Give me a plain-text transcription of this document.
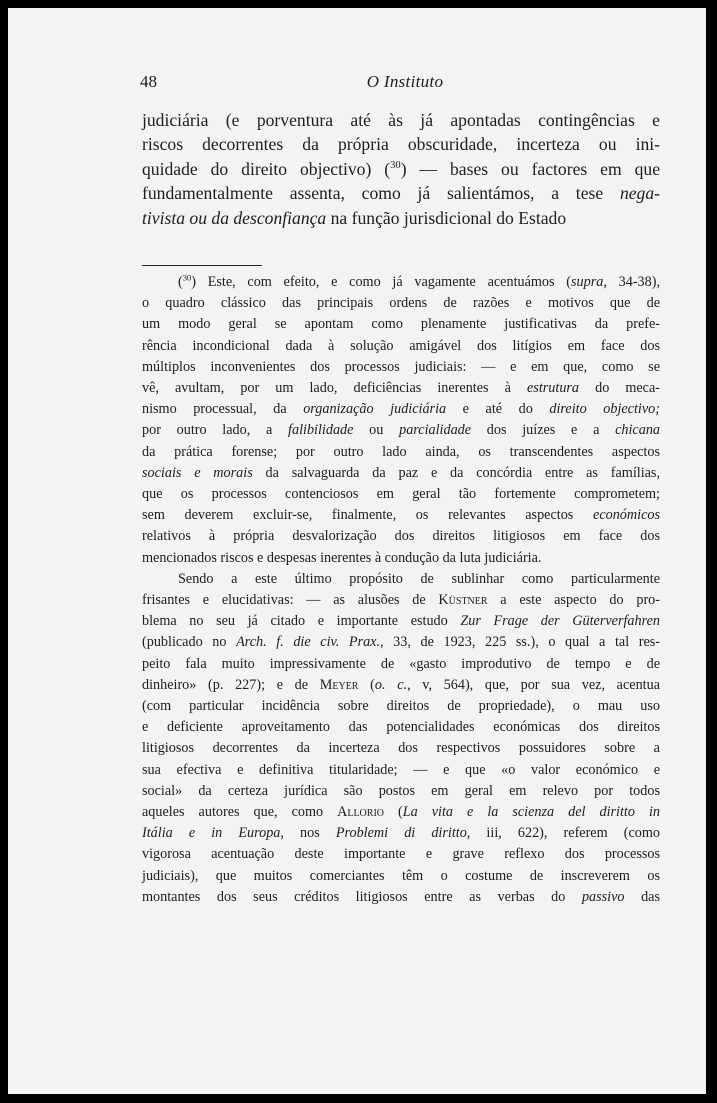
48	O Instituto

judiciária (e porventura até às já apontadas contingências e
riscos decorrentes da própria obscuridade, incerteza ou ini-
quidade do direito objectivo) ($^{30}$) — bases ou factores em que
fundamentalmente assenta, como já salientámos, a tese nega-
tivista ou da desconfiança na função jurisdicional do Estado

($^{30}$) Este, com efeito, e como já vagamente acentuámos (supra, 34-38),
o quadro clássico das principais ordens de razões e motivos que de
um modo geral se apontam como plenamente justificativas da prefe-
rência incondicional dada à solução amigável dos litígios em face dos
múltiplos inconvenientes dos processos judiciais: — e em que, como se
vê, avultam, por um lado, deficiências inerentes à estrutura do meca-
nismo processual, da organização judiciária e até do direito objectivo;
por outro lado, a falibilidade ou parcialidade dos juízes e a chicana
da prática forense; por outro lado ainda, os transcendentes aspectos
sociais e morais da salvaguarda da paz e da concórdia entre as famílias,
que os processos contenciosos em geral tão fortemente comprometem;
sem deverem excluir-se, finalmente, os relevantes aspectos económicos
relativos à própria desvalorização dos direitos litigiosos em face dos
mencionados riscos e despesas inerentes à condução da luta judiciária.
Sendo a este último propósito de sublinhar como particularmente
frisantes e elucidativas: — as alusões de Küstner a este aspecto do pro-
blema no seu já citado e importante estudo Zur Frage der Güterverfahren
(publicado no Arch. f. die civ. Prax., 33, de 1923, 225 ss.), o qual a tal res-
peito fala muito impressivamente de «gasto improdutivo de tempo e de
dinheiro» (p. 227); e de Meyer (o. c., v, 564), que, por sua vez, acentua
(com particular incidência sobre direitos de propriedade), o mau uso
e deficiente aproveitamento das potencialidades económicas dos direitos
litigiosos decorrentes da incerteza dos respectivos possuidores sobre a
sua efectiva e definitiva titularidade; — e que «o valor económico e
social» da certeza jurídica são postos em geral em relevo por todos
aqueles autores que, como Allorio (La vita e la scienza del diritto in
Itália e in Europa, nos Problemi di diritto, iii, 622), referem (como
vigorosa acentuação deste importante e grave reflexo dos processos
judiciais), que muitos comerciantes têm o costume de inscreverem os
montantes dos seus créditos litigiosos entre as verbas do passivo das
